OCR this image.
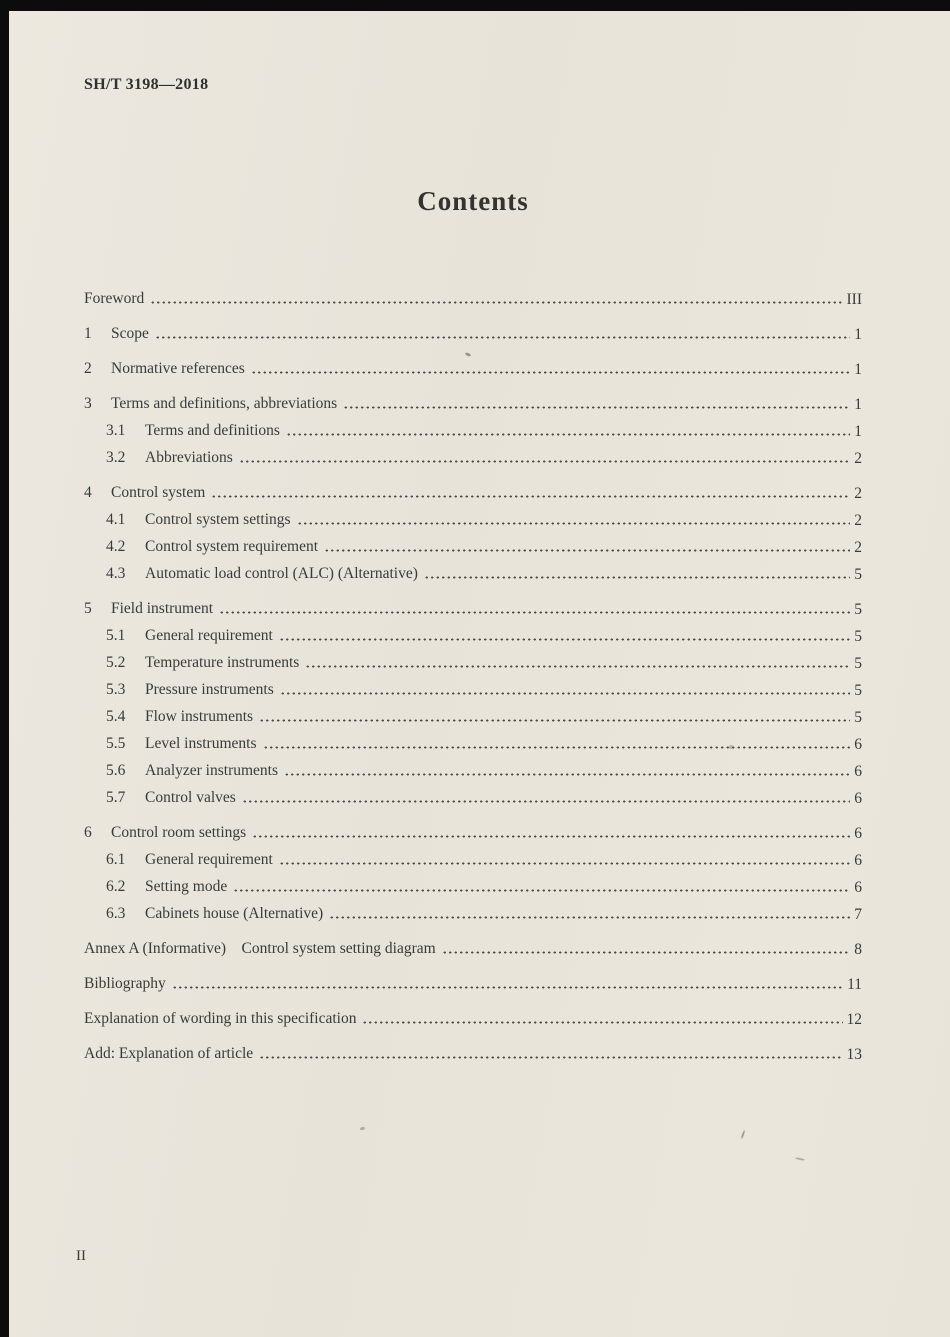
SH/T 3198—2018
Contents
Foreword	III
1	Scope	1
2	Normative references	1
3	Terms and definitions, abbreviations	1
3.1	Terms and definitions	1
3.2	Abbreviations	2
4	Control system	2
4.1	Control system settings	2
4.2	Control system requirement	2
4.3	Automatic load control (ALC) (Alternative)	5
5	Field instrument	5
5.1	General requirement	5
5.2	Temperature instruments	5
5.3	Pressure instruments	5
5.4	Flow instruments	5
5.5	Level instruments	6
5.6	Analyzer instruments	6
5.7	Control valves	6
6	Control room settings	6
6.1	General requirement	6
6.2	Setting mode	6
6.3	Cabinets house (Alternative)	7
Annex A (Informative)    Control system setting diagram	8
Bibliography	11
Explanation of wording in this specification	12
Add: Explanation of article	13
II
